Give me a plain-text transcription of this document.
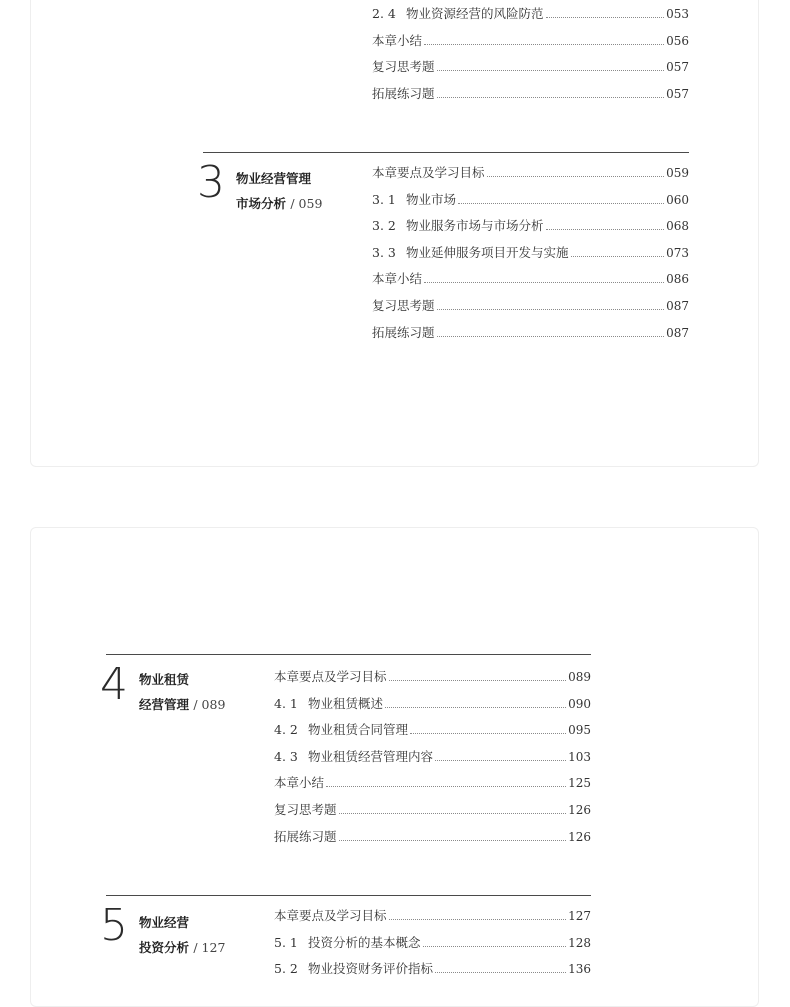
2. 4 物业资源经营的风险防范	053
本章小结	056
复习思考题	057
拓展练习题	057
3 物业经营管理
市场分析 / 059
本章要点及学习目标	059
3. 1 物业市场	060
3. 2 物业服务市场与市场分析	068
3. 3 物业延伸服务项目开发与实施	073
本章小结	086
复习思考题	087
拓展练习题	087
4 物业租赁
经营管理 / 089
本章要点及学习目标	089
4. 1 物业租赁概述	090
4. 2 物业租赁合同管理	095
4. 3 物业租赁经营管理内容	103
本章小结	125
复习思考题	126
拓展练习题	126
5 物业经营
投资分析 / 127
本章要点及学习目标	127
5. 1 投资分析的基本概念	128
5. 2 物业投资财务评价指标	136
